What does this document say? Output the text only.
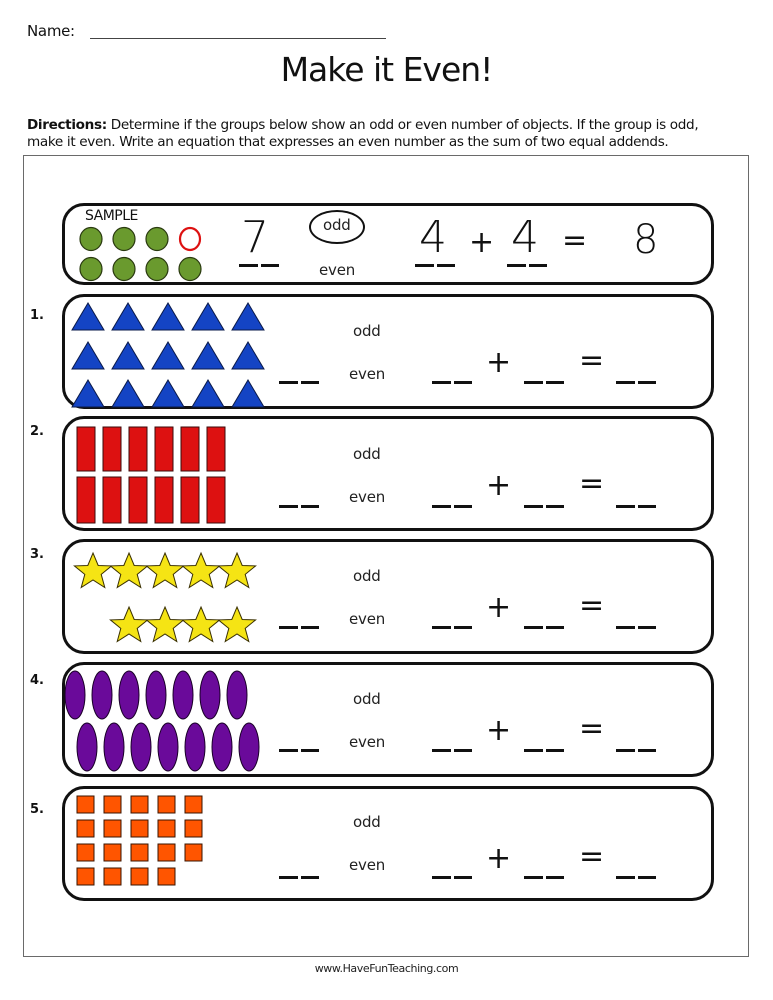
Name:
Make it Even!
Directions: Determine if the groups below show an odd or even number of objects. If the group is odd,
make it even. Write an equation that expresses an even number as the sum of two equal addends.
SAMPLE 7	odd
even
4 + 4 = 8
1.
odd
even	+ =
2.
odd
even	+ =
3.
odd
even	+ =
4.
odd
even	+ =
5.
odd
even	+ =
www.HaveFunTeaching.com
